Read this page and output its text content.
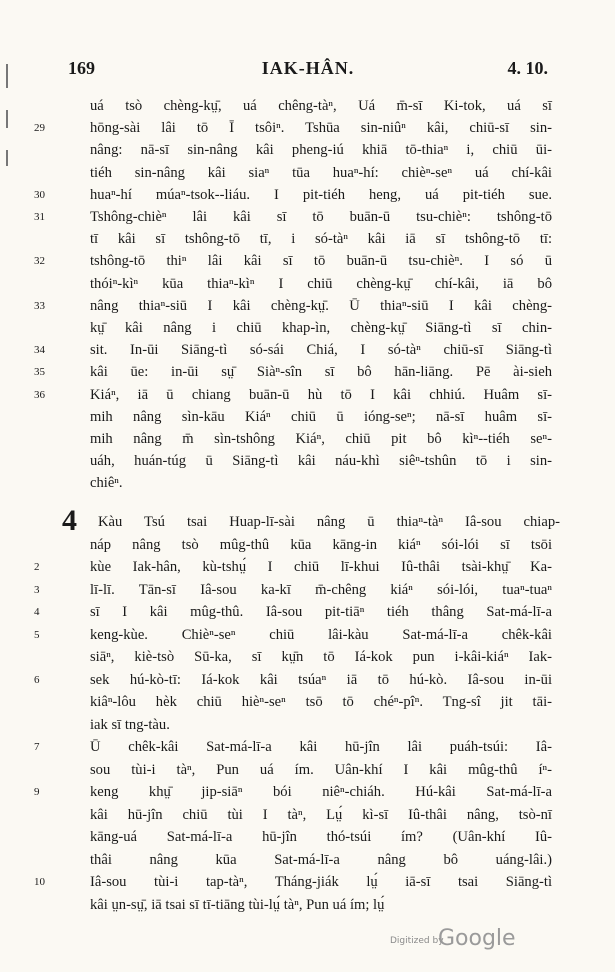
169	IAK-HÂN.	4. 10.
uá tsò chèng-kṳ̄, uá chêng-tàⁿ, Uá m̄-sī Ki-tok, uá sī
29	hōng-sài lâi tō Ī tsôiⁿ. Tshūa sin-niûⁿ kâi, chiū-sī sin-
nâng: nā-sī sin-nâng kâi pheng-iú khiā tō-thiaⁿ i, chiū ūi-
tiéh sin-nâng kâi siaⁿ tūa huaⁿ-hí: chièⁿ-seⁿ uá chí-kâi
30	huaⁿ-hí múaⁿ-tsok--liáu. I pit-tiéh heng, uá pit-tiéh sue.
31	Tshông-chièⁿ lâi kâi sī tō buān-ū tsu-chièⁿ: tshông-tō
tī kâi sī tshông-tō tī, i só-tàⁿ kâi iā sī tshông-tō tī:
32	tshông-tō thiⁿ lâi kâi sī tō buān-ū tsu-chièⁿ. I só ū
thóiⁿ-kìⁿ kūa thiaⁿ-kìⁿ I chiū chèng-kṳ̄ chí-kâi, iā bô
33	nâng thiaⁿ-siū I kâi chèng-kṳ̄. Ū thiaⁿ-siū I kâi chèng-
kṳ̄ kâi nâng i chiū khap-ìn, chèng-kṳ̄ Siāng-tì sī chin-
34	sit. In-ūi Siāng-tì só-sái Chiá, I só-tàⁿ chiū-sī Siāng-tì
35	kâi ūe: in-ūi sṳ̄ Siàⁿ-sîn sī bô hān-liāng. Pē ài-sieh
36	Kiáⁿ, iā ū chiang buān-ū hù tō I kâi chhiú. Huâm sī-
mih nâng sìn-kāu Kiáⁿ chiū ū ióng-seⁿ; nā-sī huâm sī-
mih nâng m̄ sìn-tshông Kiáⁿ, chiū pit bô kìⁿ--tiéh seⁿ-
uáh, huán-túg ū Siāng-tì kâi náu-khì siêⁿ-tshûn tō i sin-
chiêⁿ.
4 Kàu Tsú tsai Huap-lī-sài nâng ū thiaⁿ-tàⁿ Iâ-sou chiap-
náp nâng tsò mûg-thû kūa kāng-in kiáⁿ sói-lói sī tsōi
2	kùe Iak-hân, kù-tshṳ́ I chiū lī-khui Iû-thâi tsài-khṳ̄ Ka-
3	lī-lī. Tān-sī Iâ-sou ka-kī m̄-chêng kiáⁿ sói-lói, tuaⁿ-tuaⁿ
4	sī I kâi mûg-thû. Iâ-sou pit-tiāⁿ tiéh thâng Sat-má-lī-a
5	keng-kùe. Chièⁿ-seⁿ chiū lâi-kàu Sat-má-lī-a chêk-kâi
siāⁿ, kiè-tsò Sū-ka, sī kṳ̄n tō Iá-kok pun i-kâi-kiáⁿ Iak-
6	sek hú-kò-tī: Iá-kok kâi tsúaⁿ iā tō hú-kò. Iâ-sou in-ūi
kiâⁿ-lôu hèk chiū hièⁿ-seⁿ tsō tō chéⁿ-pîⁿ. Tng-sî jit tāi-
iak sī tng-tàu.
7	Ū chêk-kâi Sat-má-lī-a kâi hū-jîn lâi puáh-tsúi: Iâ-
sou tùi-i tàⁿ, Pun uá ím. Uân-khí I kâi mûg-thû íⁿ-
9	keng khṳ̄ jip-siāⁿ bói niêⁿ-chiáh. Hú-kâi Sat-má-lī-a
kâi hū-jîn chiū tùi I tàⁿ, Lṳ́ kì-sī Iû-thâi nâng, tsò-nī
kāng-uá Sat-má-lī-a hū-jîn thó-tsúi ím? (Uân-khí Iû-
thâi nâng kūa Sat-má-lī-a nâng bô uáng-lâi.)
10	Iâ-sou tùi-i tap-tàⁿ, Tháng-jiák lṳ́ iā-sī tsai Siāng-tì
kâi ṳn-sṳ̄, iā tsai sī tī-tiāng tùi-lṳ́ tàⁿ, Pun uá ím; lṳ́
Digitized by
Google
